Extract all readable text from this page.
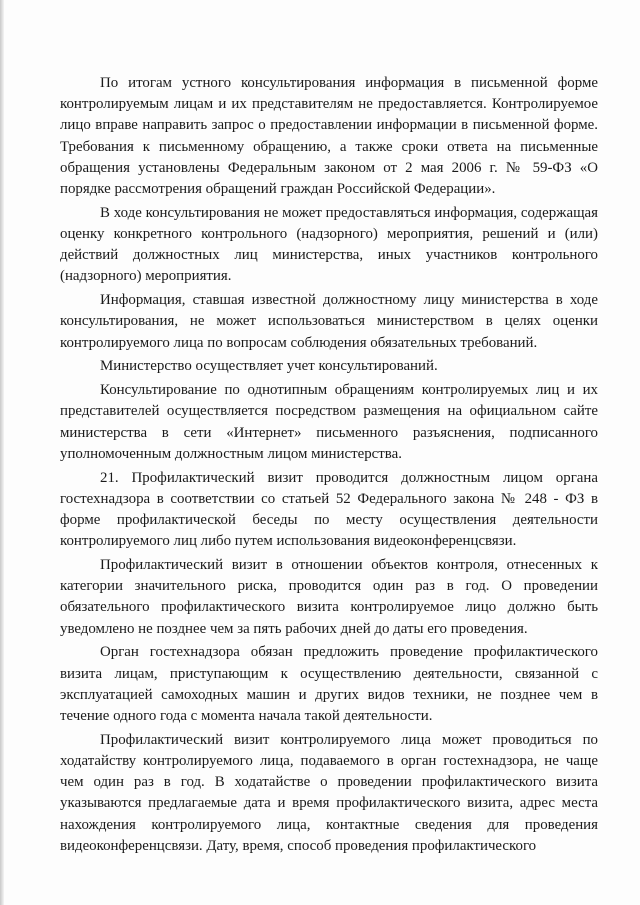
По итогам устного консультирования информация в письменной форме контролируемым лицам и их представителям не предоставляется. Контролируемое лицо вправе направить запрос о предоставлении информации в письменной форме. Требования к письменному обращению, а также сроки ответа на письменные обращения установлены Федеральным законом от 2 мая 2006 г. № 59-ФЗ «О порядке рассмотрения обращений граждан Российской Федерации».

В ходе консультирования не может предоставляться информация, содержащая оценку конкретного контрольного (надзорного) мероприятия, решений и (или) действий должностных лиц министерства, иных участников контрольного (надзорного) мероприятия.

Информация, ставшая известной должностному лицу министерства в ходе консультирования, не может использоваться министерством в целях оценки контролируемого лица по вопросам соблюдения обязательных требований.

Министерство осуществляет учет консультирований.

Консультирование по однотипным обращениям контролируемых лиц и их представителей осуществляется посредством размещения на официальном сайте министерства в сети «Интернет» письменного разъяснения, подписанного уполномоченным должностным лицом министерства.

21. Профилактический визит проводится должностным лицом органа гостехнадзора в соответствии со статьей 52 Федерального закона № 248 - ФЗ в форме профилактической беседы по месту осуществления деятельности контролируемого лиц либо путем использования видеоконференцсвязи.

Профилактический визит в отношении объектов контроля, отнесенных к категории значительного риска, проводится один раз в год. О проведении обязательного профилактического визита контролируемое лицо должно быть уведомлено не позднее чем за пять рабочих дней до даты его проведения.

Орган гостехнадзора обязан предложить проведение профилактического визита лицам, приступающим к осуществлению деятельности, связанной с эксплуатацией самоходных машин и других видов техники, не позднее чем в течение одного года с момента начала такой деятельности.

Профилактический визит контролируемого лица может проводиться по ходатайству контролируемого лица, подаваемого в орган гостехнадзора, не чаще чем один раз в год. В ходатайстве о проведении профилактического визита указываются предлагаемые дата и время профилактического визита, адрес места нахождения контролируемого лица, контактные сведения для проведения видеоконференцсвязи. Дату, время, способ проведения профилактического
